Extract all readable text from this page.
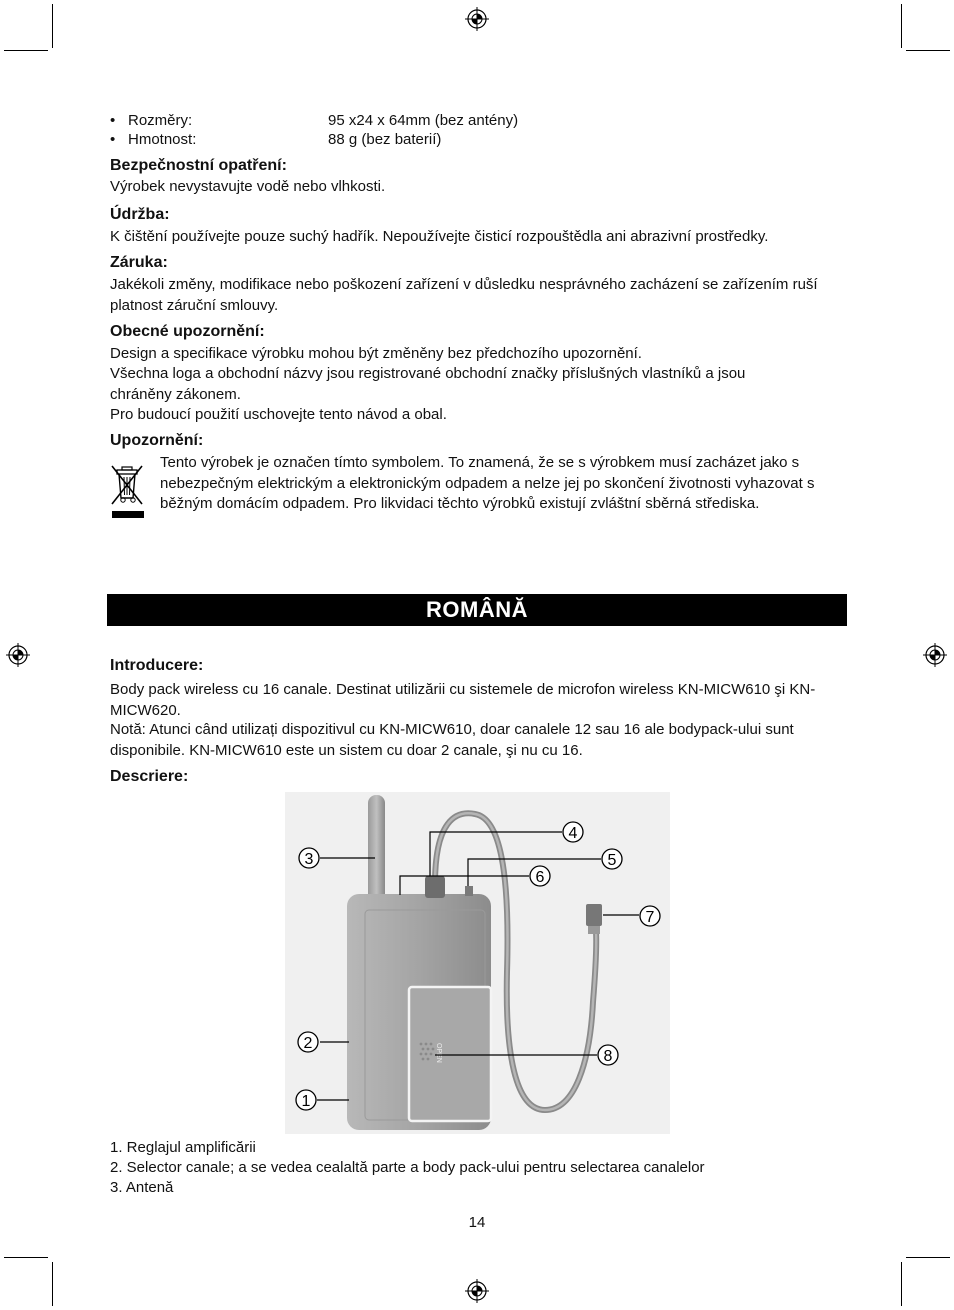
• Rozměry:	95 x24 x 64mm (bez antény)
• Hmotnost:	88 g (bez baterií)
Bezpečnostní opatření:
Výrobek nevystavujte vodě nebo vlhkosti.
Údržba:
K čištění používejte pouze suchý hadřík. Nepoužívejte čisticí rozpouštědla ani abrazivní prostředky.
Záruka:
Jakékoli změny, modifikace nebo poškození zařízení v důsledku nesprávného zacházení se zařízením ruší platnost záruční smlouvy.
Obecné upozornění:
Design a specifikace výrobku mohou být změněny bez předchozího upozornění.
Všechna loga a obchodní názvy jsou registrované obchodní značky příslušných vlastníků a jsou chráněny zákonem.
Pro budoucí použití uschovejte tento návod a obal.
Upozornění:
Tento výrobek je označen tímto symbolem. To znamená, že se s výrobkem musí zacházet jako s nebezpečným elektrickým a elektronickým odpadem a nelze jej po skončení životnosti vyhazovat s běžným domácím odpadem. Pro likvidaci těchto výrobků existují zvláštní sběrná střediska.
ROMÂNĂ
Introducere:
Body pack wireless cu 16 canale. Destinat utilizării cu sistemele de microfon wireless KN-MICW610 şi KN-MICW620.
Notă: Atunci când utilizați dispozitivul cu KN-MICW610, doar canalele 12 sau 16 ale bodypack-ului sunt disponibile. KN-MICW610 este un sistem cu doar 2 canale, şi nu cu 16.
Descriere:
OPEN
3
4
5
6
7
8
2
1
1. Reglajul amplificării
2. Selector canale; a se vedea cealaltă parte a body pack-ului pentru selectarea canalelor
3. Antenă
14
